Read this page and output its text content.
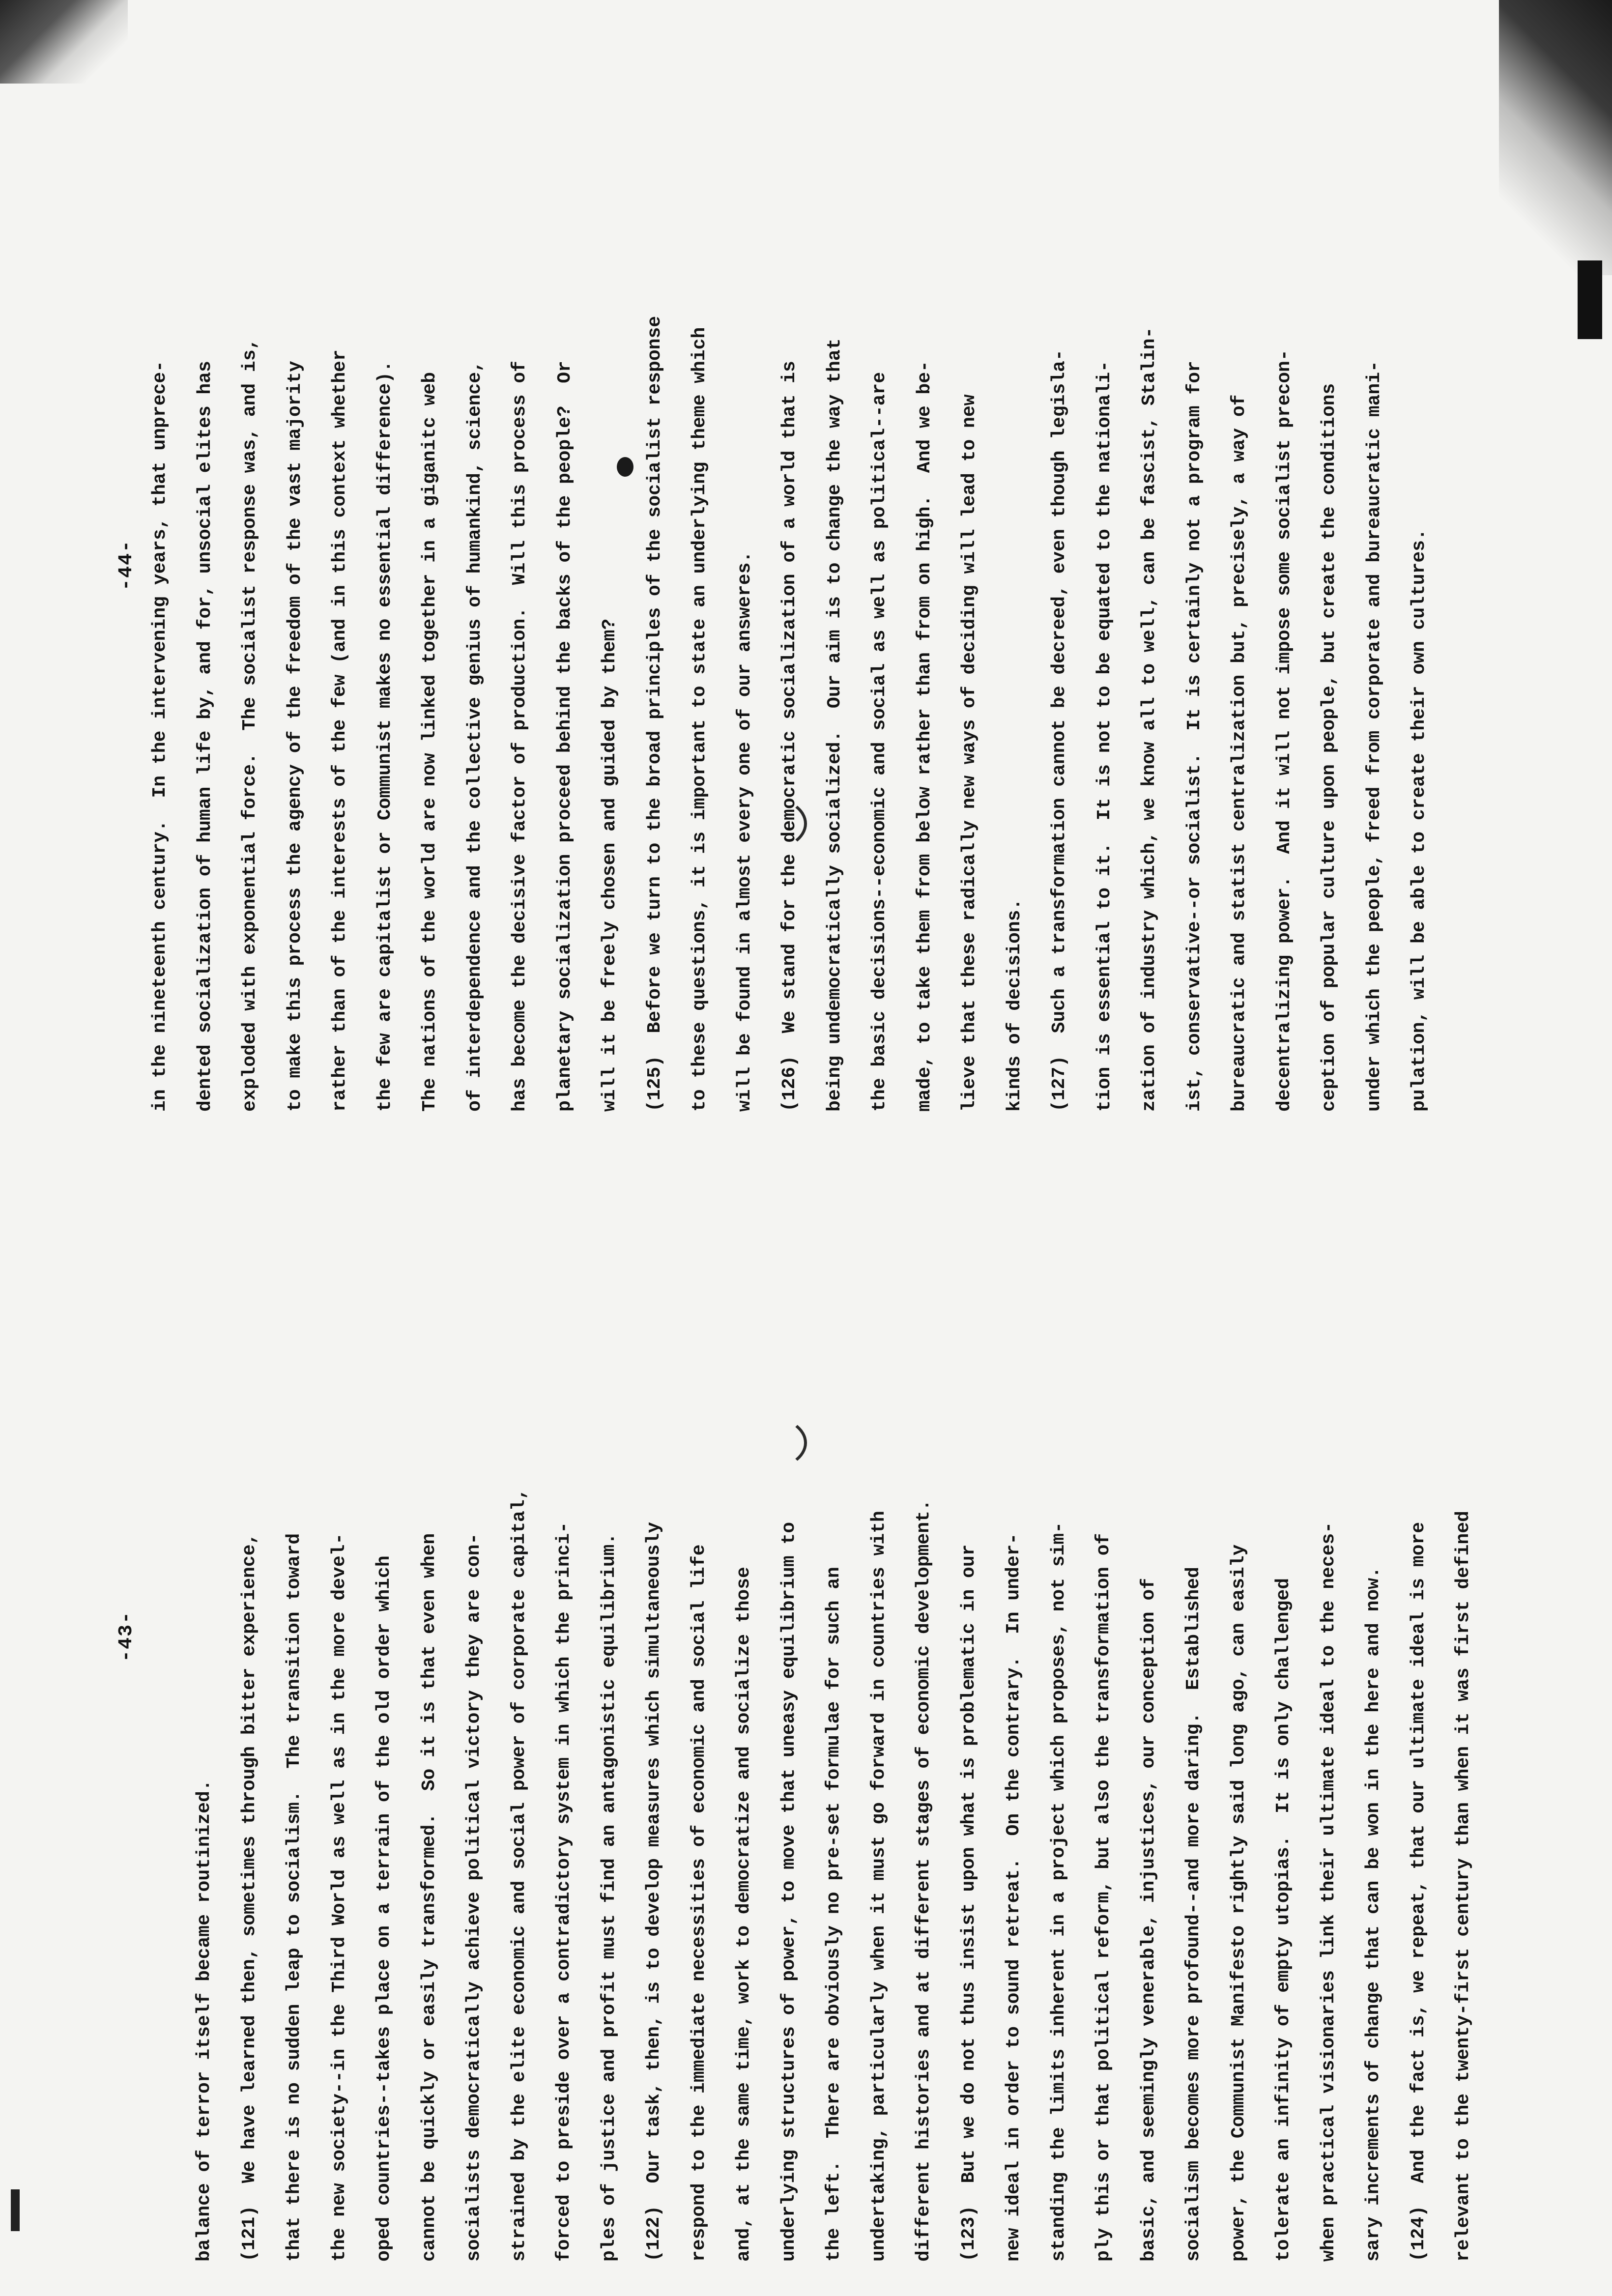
-43-
balance of terror itself became routinized.	(121)  We have learned then, sometimes through bitter experience,	that there is no sudden leap to socialism.  The transition toward	the new society--in the Third World as well as in the more devel-	oped countries--takes place on a terrain of the old order which	cannot be quickly or easily transformed.  So it is that even when	socialists democratically achieve political victory they are con-	strained by the elite economic and social power of corporate capital,	forced to preside over a contradictory system in which the princi-	ples of justice and profit must find an antagonistic equilibrium.	(122)  Our task, then, is to develop measures which simultaneously	respond to the immediate necessities of economic and social life	and, at the same time, work to democratize and socialize those	underlying structures of power, to move that uneasy equilibrium to	the left.  There are obviously no pre-set formulae for such an	undertaking, particularly when it must go forward in countries with	different histories and at different stages of economic development.	(123)  But we do not thus insist upon what is problematic in our	new ideal in order to sound retreat.  On the contrary.  In under-	standing the limits inherent in a project which proposes, not sim-	ply this or that political reform, but also the transformation of	basic, and seemingly venerable, injustices, our conception of	socialism becomes more profound--and more daring.  Established	power, the Communist Manifesto rightly said long ago, can easily	tolerate an infinity of empty utopias.  It is only challenged	when practical visionaries link their ultimate ideal to the neces-	sary increments of change that can be won in the here and now.	(124)  And the fact is, we repeat, that our ultimate ideal is more	relevant to the twenty-first century than when it was first defined
-44- in the nineteenth century.  In the intervening years, that unprece-	dented socialization of human life by, and for, unsocial elites has	exploded with exponential force.  The socialist response was, and is,	to make this process the agency of the freedom of the vast majority	rather than of the interests of the few (and in this context whether	the few are capitalist or Communist makes no essential difference).	The nations of the world are now linked together in a giganitc web	of interdependence and the collective genius of humankind, science,	has become the decisive factor of production.  Will this process of	planetary socialization proceed behind the backs of the people?  Or	will it be freely chosen and guided by them?	(125)  Before we turn to the broad principles of the socialist response	to these questions, it is important to state an underlying theme which	will be found in almost every one of our answeres.	(126)  We stand for the democratic socialization of a world that is	being undemocratically socialized.  Our aim is to change the way that	the basic decisions--economic and social as well as political--are	made, to take them from below rather than from on high.  And we be-	lieve that these radically new ways of deciding will lead to new	kinds of decisions.	(127)  Such a transformation cannot be decreed, even though legisla-	tion is essential to it.  It is not to be equated to the nationali-	zation of industry which, we know all to well, can be fascist, Stalin-	ist, conservative--or socialist.  It is certainly not a program for	bureaucratic and statist centralization but, precisely, a way of	decentralizing power.  And it will not impose some socialist precon-	ception of popular culture upon people, but create the conditions	under which the people, freed from corporate and bureaucratic mani-	pulation, will be able to create their own cultures.
